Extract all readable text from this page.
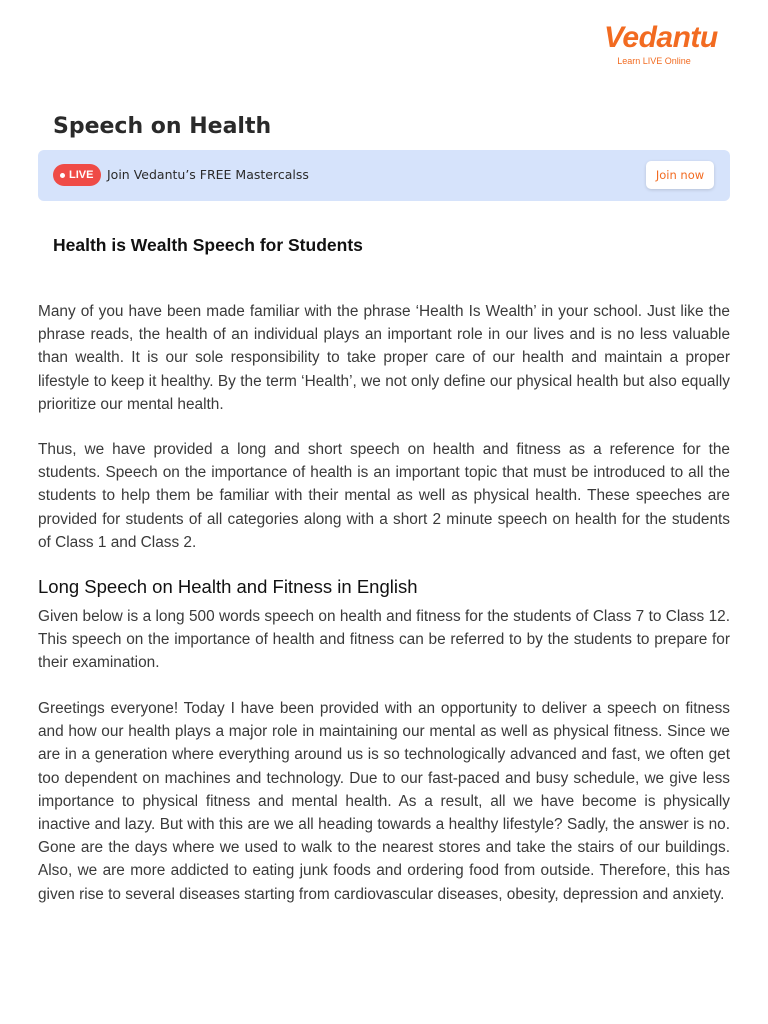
Vedantu
Learn LIVE Online
Speech on Health
LIVE Join Vedantu’s FREE Mastercalss	Join now
Health is Wealth Speech for Students

Many of you have been made familiar with the phrase ‘Health Is Wealth’ in your school. Just like the phrase reads, the health of an individual plays an important role in our lives and is no less valuable than wealth. It is our sole responsibility to take proper care of our health and maintain a proper lifestyle to keep it healthy. By the term ‘Health’, we not only define our physical health but also equally prioritize our mental health.

Thus, we have provided a long and short speech on health and fitness as a reference for the students. Speech on the importance of health is an important topic that must be introduced to all the students to help them be familiar with their mental as well as physical health. These speeches are provided for students of all categories along with a short 2 minute speech on health for the students of Class 1 and Class 2.

Long Speech on Health and Fitness in English

Given below is a long 500 words speech on health and fitness for the students of Class 7 to Class 12. This speech on the importance of health and fitness can be referred to by the students to prepare for their examination.

Greetings everyone! Today I have been provided with an opportunity to deliver a speech on fitness and how our health plays a major role in maintaining our mental as well as physical fitness. Since we are in a generation where everything around us is so technologically advanced and fast, we often get too dependent on machines and technology. Due to our fast-paced and busy schedule, we give less importance to physical fitness and mental health. As a result, all we have become is physically inactive and lazy. But with this are we all heading towards a healthy lifestyle? Sadly, the answer is no. Gone are the days where we used to walk to the nearest stores and take the stairs of our buildings. Also, we are more addicted to eating junk foods and ordering food from outside. Therefore, this has given rise to several diseases starting from cardiovascular diseases, obesity, depression and anxiety.
